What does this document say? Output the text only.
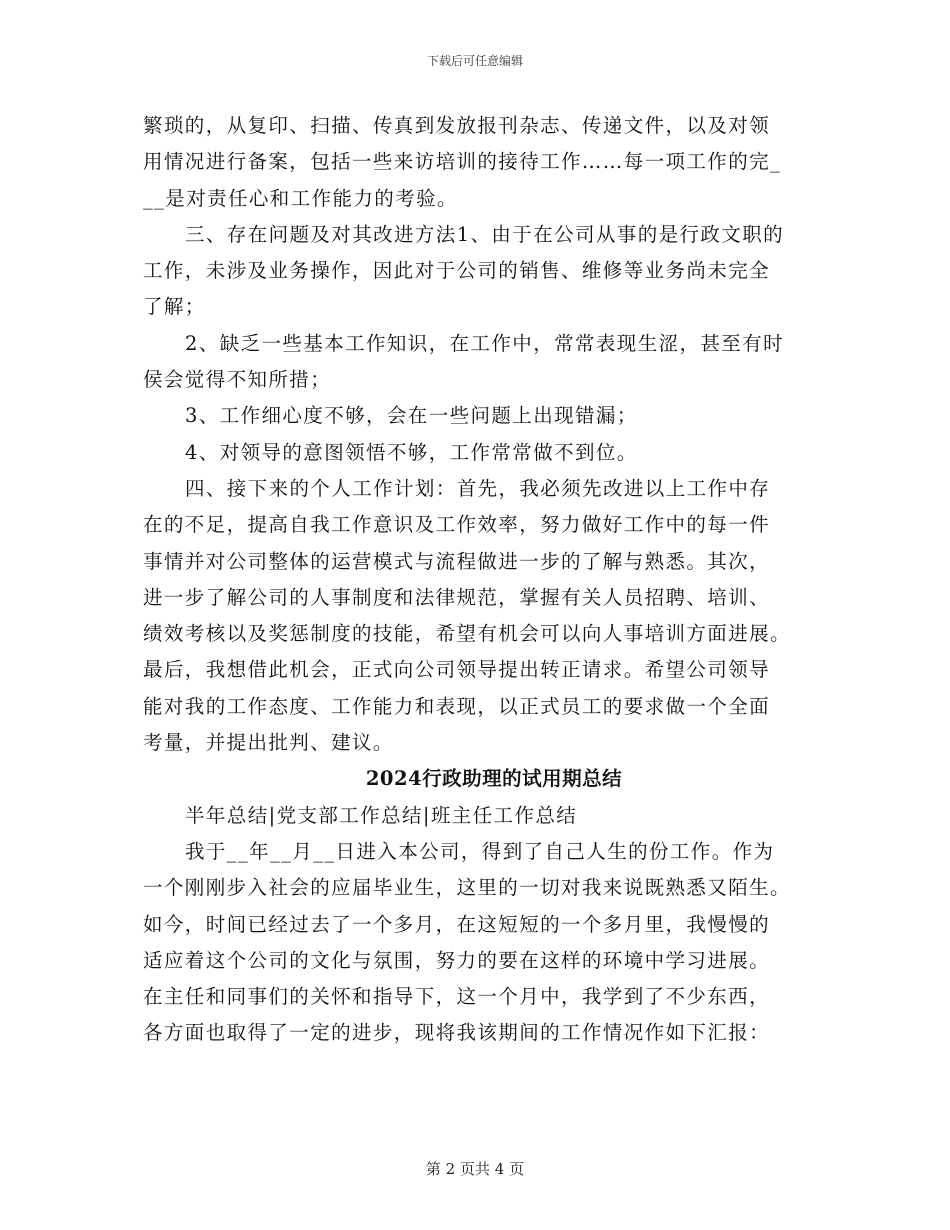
下载后可任意编辑
繁琐的，从复印、扫描、传真到发放报刊杂志、传递文件，以及对领
用情况进行备案，包括一些来访培训的接待工作……每一项工作的完_
__是对责任心和工作能力的考验。
三、存在问题及对其改进方法1、由于在公司从事的是行政文职的
工作，未涉及业务操作，因此对于公司的销售、维修等业务尚未完全
了解；
2、缺乏一些基本工作知识，在工作中，常常表现生涩，甚至有时
侯会觉得不知所措；
3、工作细心度不够，会在一些问题上出现错漏；
4、对领导的意图领悟不够，工作常常做不到位。
四、接下来的个人工作计划：首先，我必须先改进以上工作中存
在的不足，提高自我工作意识及工作效率，努力做好工作中的每一件
事情并对公司整体的运营模式与流程做进一步的了解与熟悉。其次，
进一步了解公司的人事制度和法律规范，掌握有关人员招聘、培训、
绩效考核以及奖惩制度的技能，希望有机会可以向人事培训方面进展。
最后，我想借此机会，正式向公司领导提出转正请求。希望公司领导
能对我的工作态度、工作能力和表现，以正式员工的要求做一个全面
考量，并提出批判、建议。
2024行政助理的试用期总结
半年总结|党支部工作总结|班主任工作总结
我于__年__月__日进入本公司，得到了自己人生的份工作。作为
一个刚刚步入社会的应届毕业生，这里的一切对我来说既熟悉又陌生。
如今，时间已经过去了一个多月，在这短短的一个多月里，我慢慢的
适应着这个公司的文化与氛围，努力的要在这样的环境中学习进展。
在主任和同事们的关怀和指导下，这一个月中，我学到了不少东西，
各方面也取得了一定的进步，现将我该期间的工作情况作如下汇报：
第 2 页共 4 页
